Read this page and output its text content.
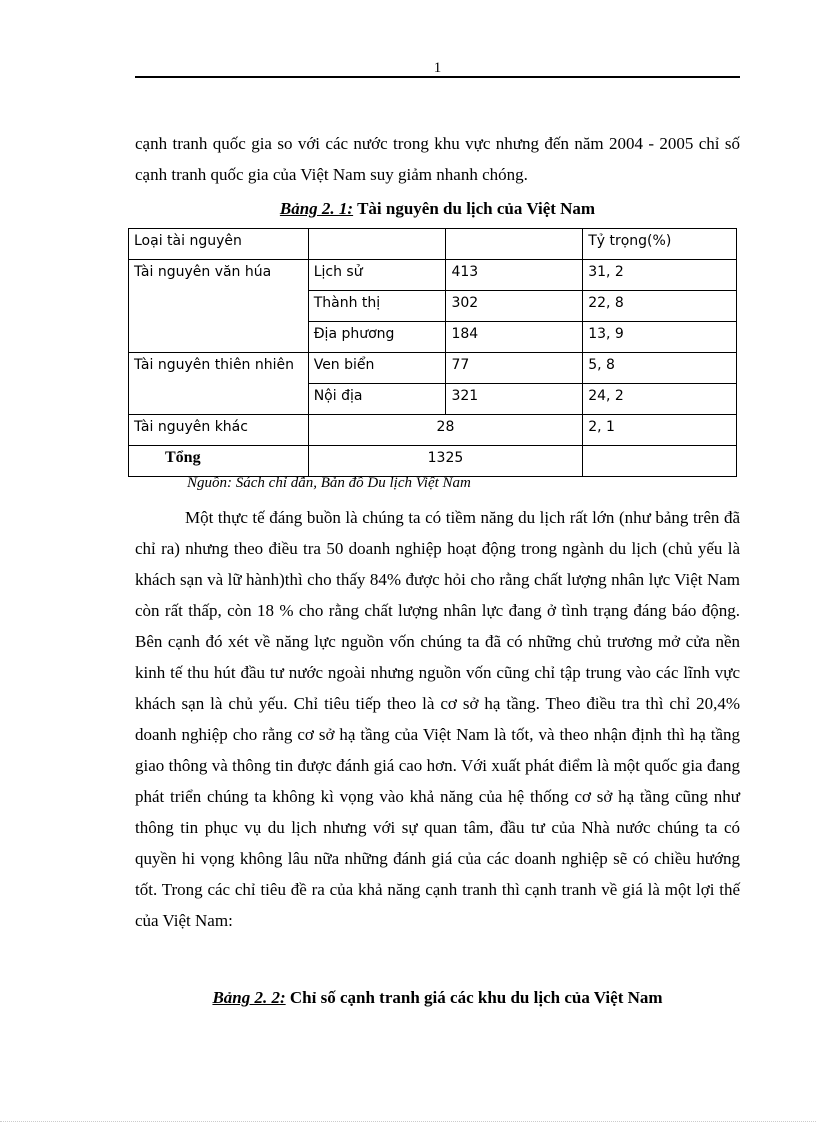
1

cạnh tranh quốc gia so với các nước trong khu vực nhưng đến năm 2004 - 2005 chỉ số cạnh tranh quốc gia của Việt Nam suy giảm nhanh chóng.

Bảng 2. 1: Tài nguyên du lịch của Việt Nam
Loại tài nguyên			Tỷ trọng(%)
Tài nguyên văn húa	Lịch sử	413	31, 2
	Thành thị	302	22, 8
	Địa phương	184	13, 9
Tài nguyên thiên nhiên	Ven biển	77	5, 8
	Nội địa	321	24, 2
Tài nguyên khác	28		2, 1
Tổng	1325		
Nguồn: Sách chỉ dẫn, Bản đồ Du lịch Việt Nam

Một thực tế đáng buồn là chúng ta có tiềm năng du lịch rất lớn (như bảng trên đã chỉ ra) nhưng theo điều tra 50 doanh nghiệp hoạt động trong ngành du lịch (chủ yếu là khách sạn và lữ hành)thì cho thấy 84% được hỏi cho rằng chất lượng nhân lực Việt Nam còn rất thấp, còn 18 % cho rằng chất lượng nhân lực đang ở tình trạng đáng báo động. Bên cạnh đó xét về năng lực nguồn vốn chúng ta đã có những chủ trương mở cửa nền kinh tế thu hút đầu tư nước ngoài nhưng nguồn vốn cũng chỉ tập trung vào các lĩnh vực khách sạn là chủ yếu. Chỉ tiêu tiếp theo là cơ sở hạ tầng. Theo điều tra thì chỉ 20,4% doanh nghiệp cho rằng cơ sở hạ tầng của Việt Nam là tốt, và theo nhận định thì hạ tầng giao thông và thông tin được đánh giá cao hơn. Với xuất phát điểm là một quốc gia đang phát triển chúng ta không kì vọng vào khả năng của hệ thống cơ sở hạ tầng cũng như thông tin phục vụ du lịch nhưng với sự quan tâm, đầu tư của Nhà nước chúng ta có quyền hi vọng không lâu nữa những đánh giá của các doanh nghiệp sẽ có chiều hướng tốt. Trong các chỉ tiêu đề ra của khả năng cạnh tranh thì cạnh tranh về giá là một lợi thế của Việt Nam:

Bảng 2. 2: Chỉ số cạnh tranh giá các khu du lịch của Việt Nam
